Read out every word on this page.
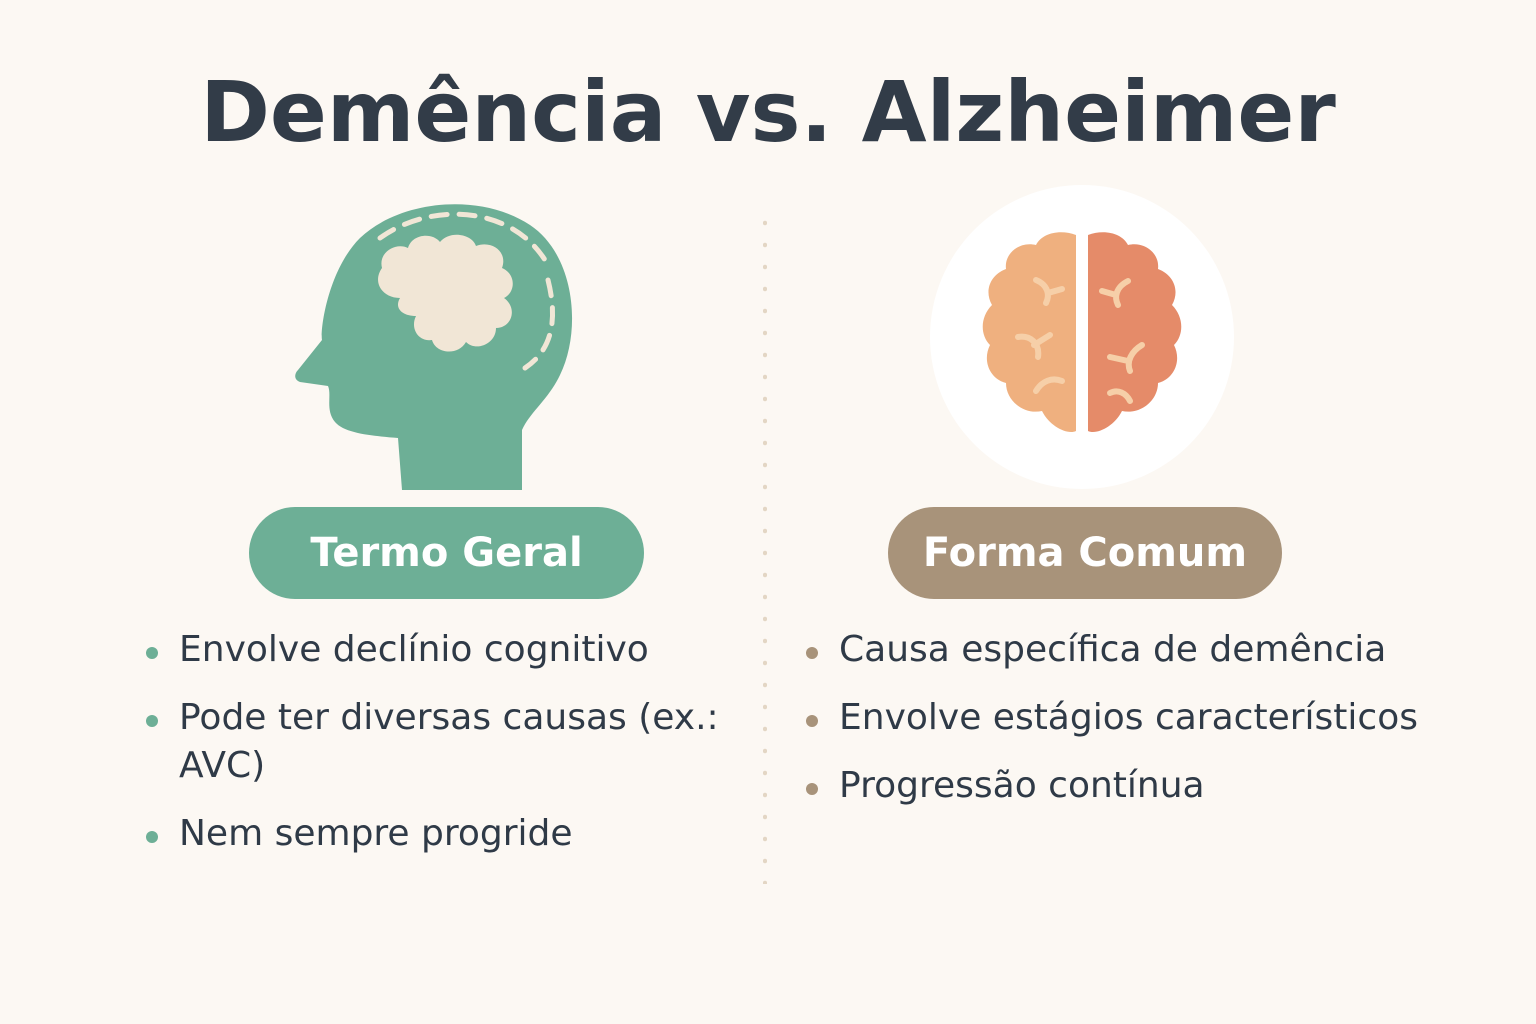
Demência vs. Alzheimer
Termo Geral	Forma Comum
Envolve declínio cognitivo
Pode ter diversas causas (ex.: AVC)
Nem sempre progride
Causa específica de demência
Envolve estágios característicos
Progressão contínua
